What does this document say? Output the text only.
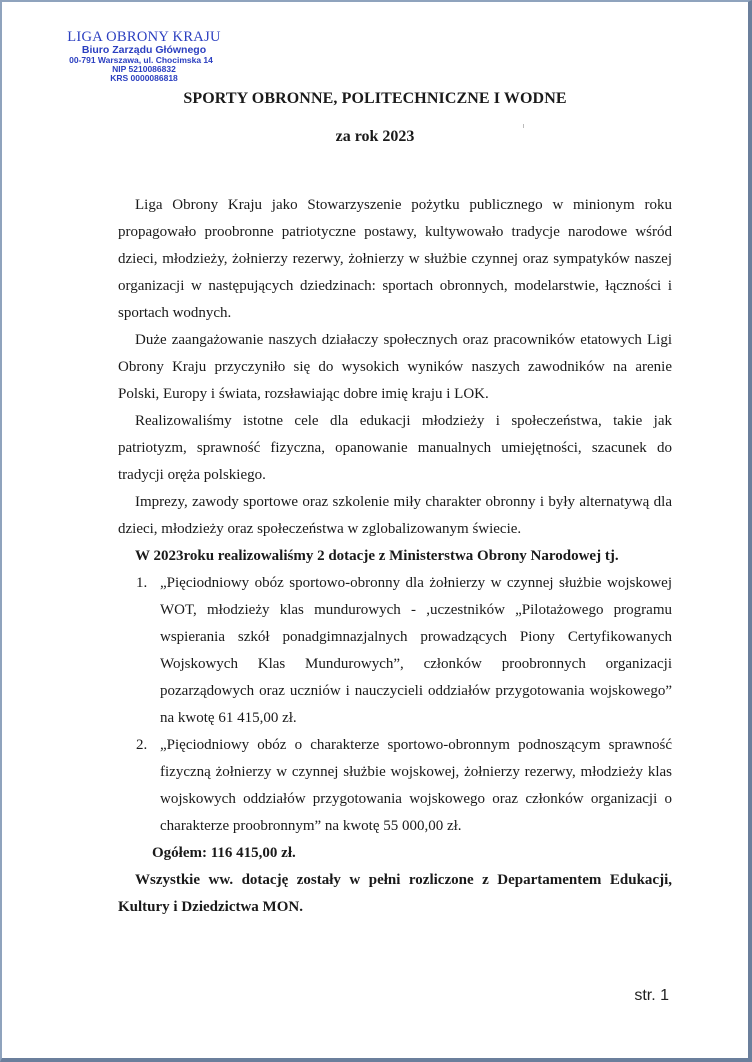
LIGA OBRONY KRAJU
Biuro Zarządu Głównego
00-791 Warszawa, ul. Chocimska 14
NIP 5210086832
KRS 0000086818
SPORTY OBRONNE, POLITECHNICZNE I WODNE
za rok 2023

Liga Obrony Kraju jako Stowarzyszenie pożytku publicznego w minionym roku propagowało proobronne patriotyczne postawy, kultywowało tradycje narodowe wśród dzieci, młodzieży, żołnierzy rezerwy, żołnierzy w służbie czynnej oraz sympatyków naszej organizacji w następujących dziedzinach: sportach obronnych, modelarstwie, łączności i sportach wodnych.

Duże zaangażowanie naszych działaczy społecznych oraz pracowników etatowych Ligi Obrony Kraju przyczyniło się do wysokich wyników naszych zawodników na arenie Polski, Europy i świata, rozsławiając dobre imię kraju i LOK.

Realizowaliśmy istotne cele dla edukacji młodzieży i społeczeństwa, takie jak patriotyzm, sprawność fizyczna, opanowanie manualnych umiejętności, szacunek do tradycji oręża polskiego.

Imprezy, zawody sportowe oraz szkolenie miły charakter obronny i były alternatywą dla dzieci, młodzieży oraz społeczeństwa w zglobalizowanym świecie.

W 2023roku realizowaliśmy 2 dotacje z Ministerstwa Obrony Narodowej tj.

1. „Pięciodniowy obóz sportowo-obronny dla żołnierzy w czynnej służbie wojskowej WOT, młodzieży klas mundurowych - ,uczestników „Pilotażowego programu wspierania szkół ponadgimnazjalnych prowadzących Piony Certyfikowanych Wojskowych Klas Mundurowych”, członków proobronnych organizacji pozarządowych oraz uczniów i nauczycieli oddziałów przygotowania wojskowego” na kwotę 61 415,00 zł.
2. „Pięciodniowy obóz o charakterze sportowo-obronnym podnoszącym sprawność fizyczną żołnierzy w czynnej służbie wojskowej, żołnierzy rezerwy, młodzieży klas wojskowych oddziałów przygotowania wojskowego oraz członków organizacji o charakterze proobronnym” na kwotę 55 000,00 zł.

Ogółem: 116 415,00 zł.

Wszystkie ww. dotację zostały w pełni rozliczone z Departamentem Edukacji, Kultury i Dziedzictwa MON.

str. 1
